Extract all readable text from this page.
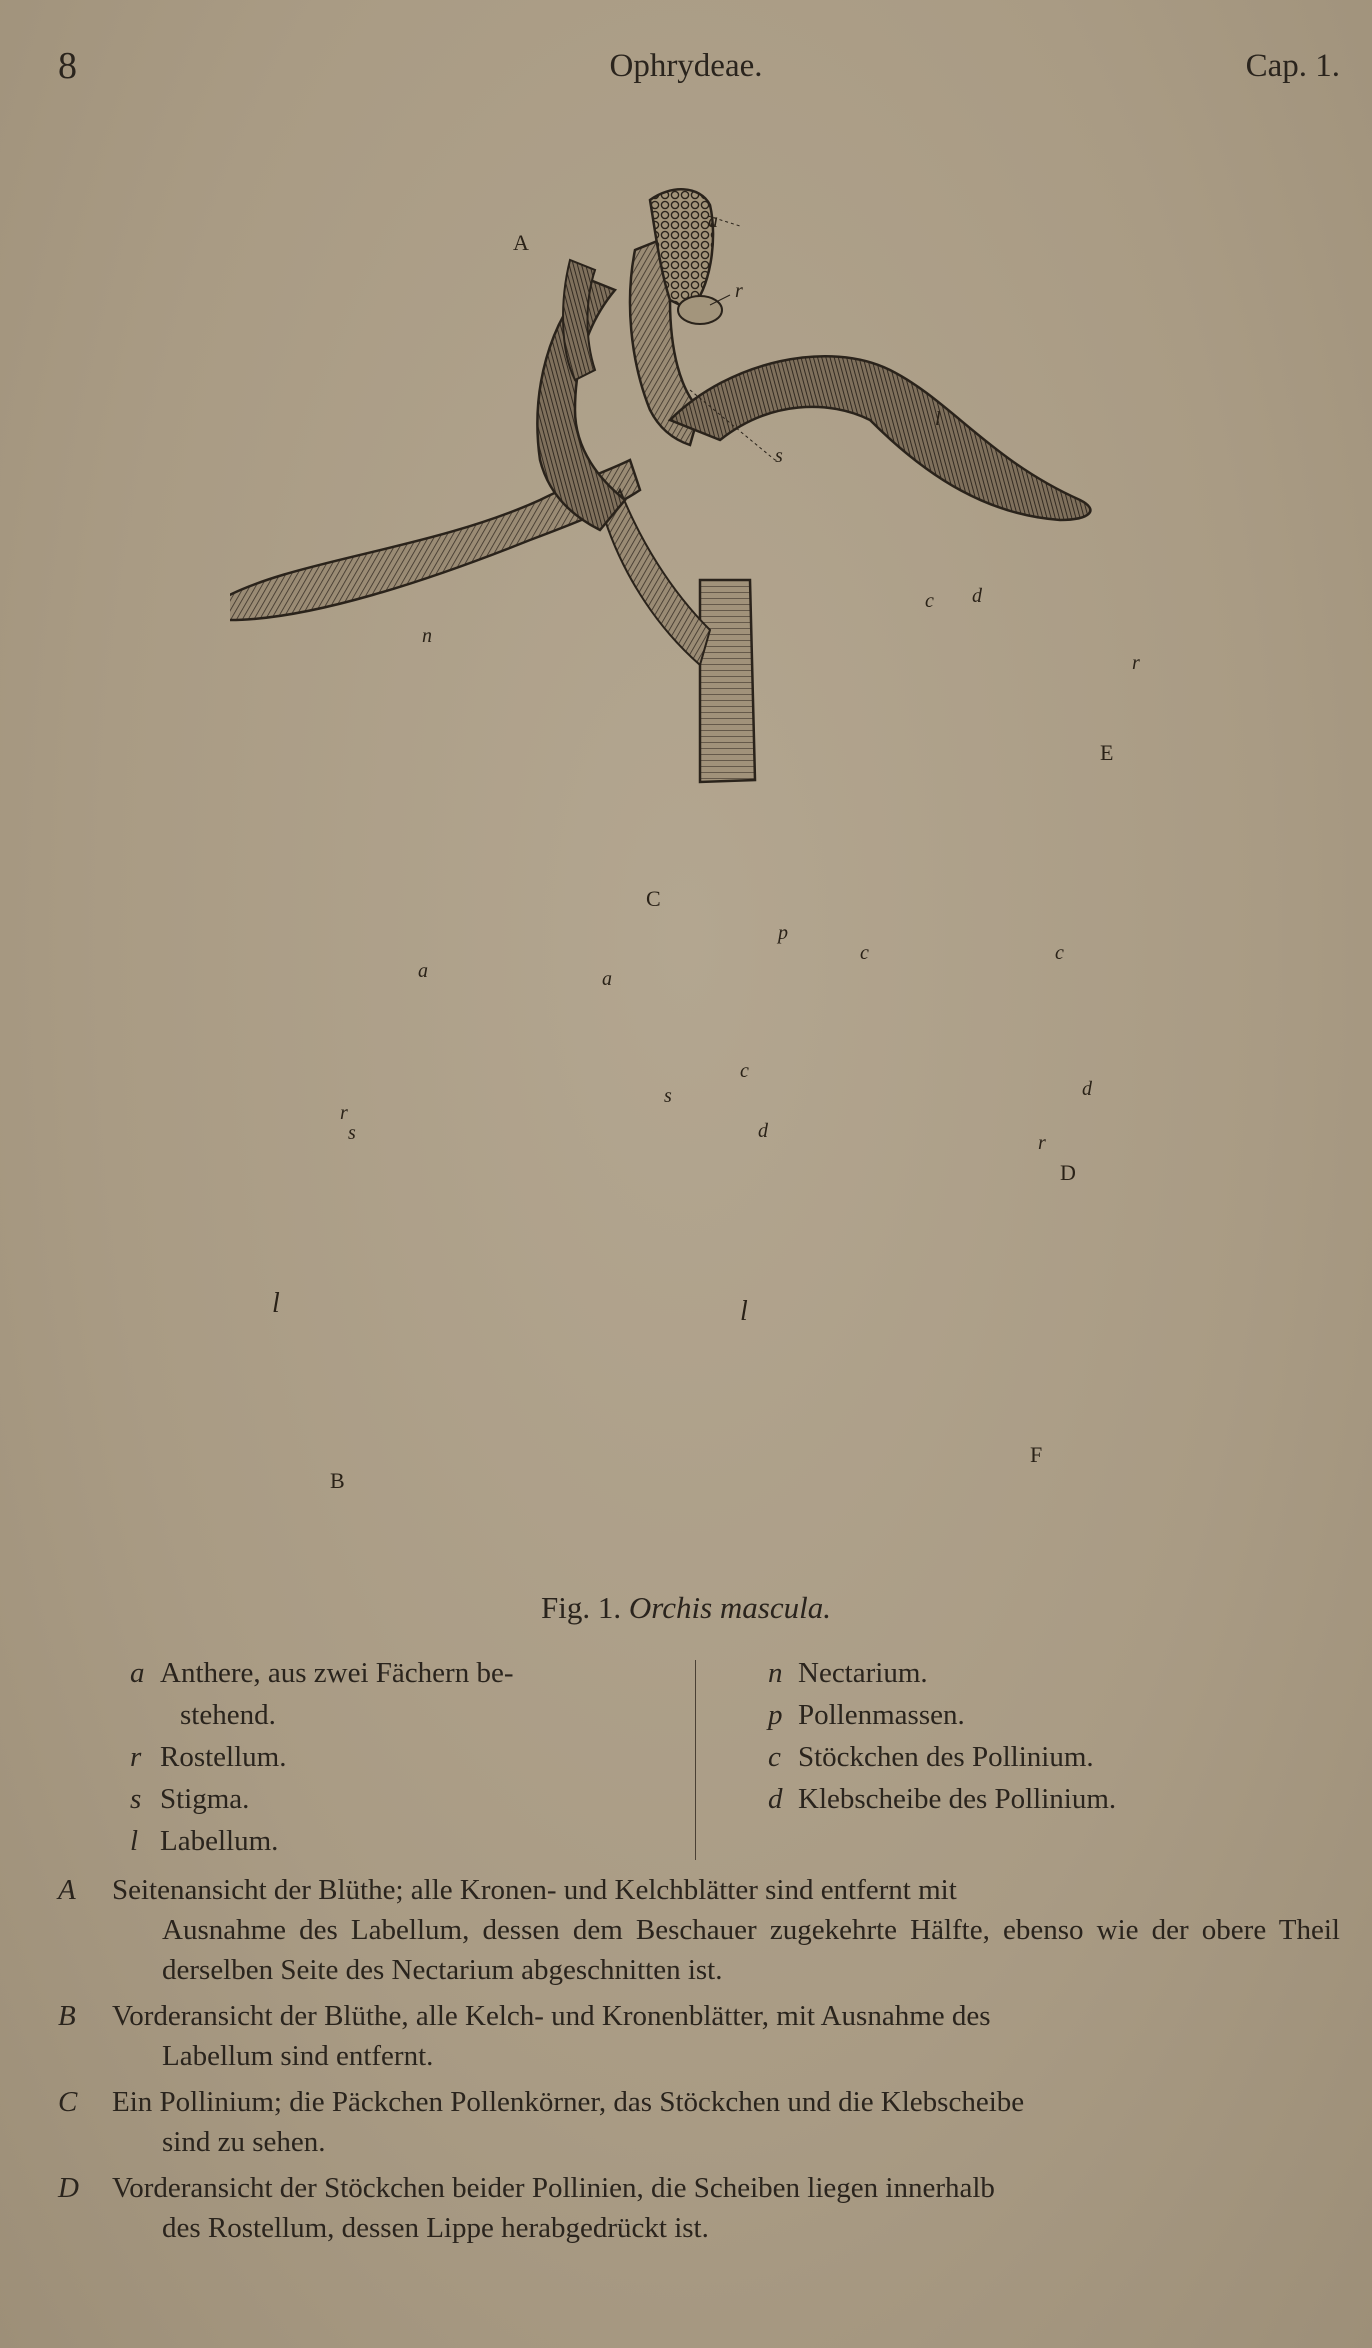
8	Ophrydeae.	Cap. 1.
A
E
C
D
B
F
a
r
s
l
n
c d
r
p
c
d
c	c
d
r
a	a
r
s
s
l	l
Fig. 1. Orchis mascula.
a Anthere, aus zwei Fächern be-
stehend.
r Rostellum.
s Stigma.
l Labellum.
n Nectarium.
p Pollenmassen.
c Stöckchen des Pollinium.
d Klebscheibe des Pollinium.
A Seitenansicht der Blüthe; alle Kronen- und Kelchblätter sind entfernt mit
Ausnahme des Labellum, dessen dem Beschauer zugekehrte Hälfte, ebenso wie der obere Theil derselben Seite des Nectarium abgeschnitten ist.
B Vorderansicht der Blüthe, alle Kelch- und Kronenblätter, mit Ausnahme des
Labellum sind entfernt.
C Ein Pollinium; die Päckchen Pollenkörner, das Stöckchen und die Klebscheibe
sind zu sehen.
D Vorderansicht der Stöckchen beider Pollinien, die Scheiben liegen innerhalb
des Rostellum, dessen Lippe herabgedrückt ist.
